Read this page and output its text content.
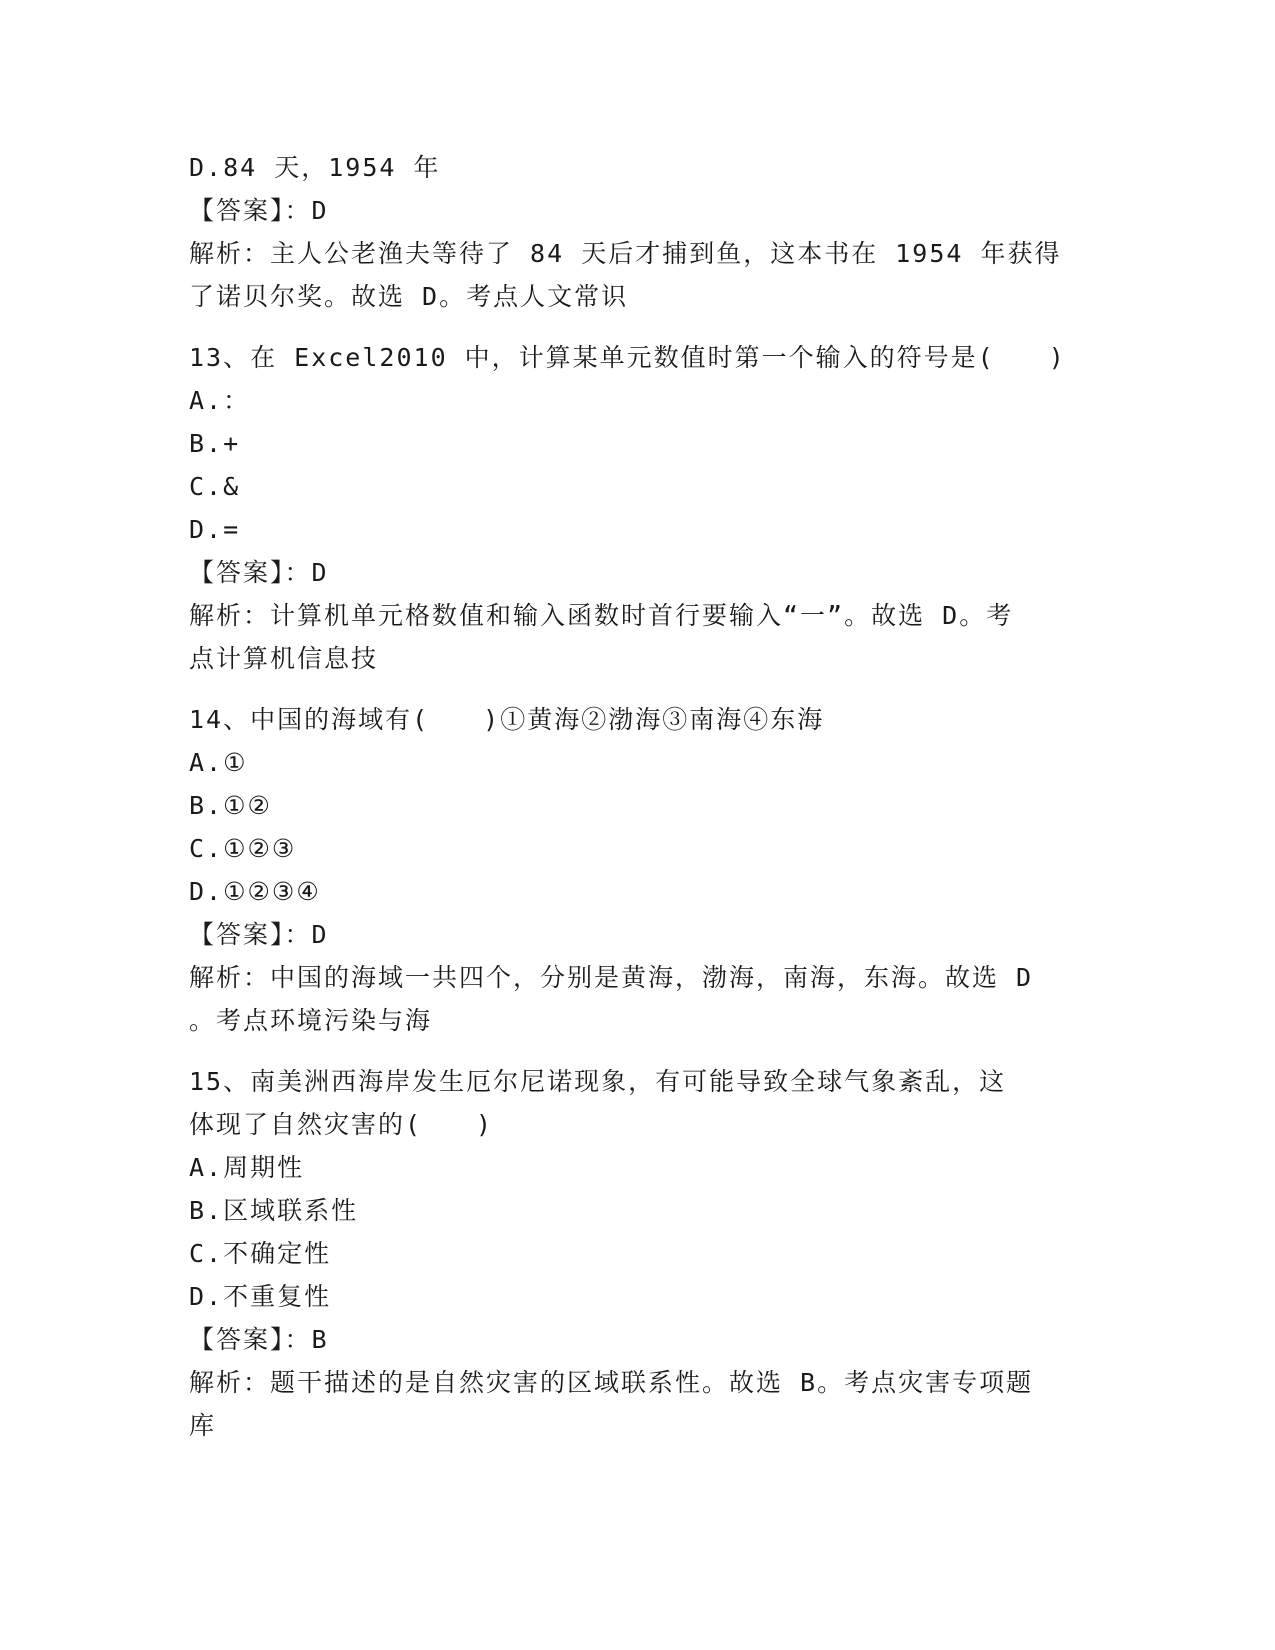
D.84 天，1954 年
【答案】：D
解析：主人公老渔夫等待了 84 天后才捕到鱼，这本书在 1954 年获得
了诺贝尔奖。故选 D。考点人文常识
13、在 Excel2010 中，计算某单元数值时第一个输入的符号是(　　)
A.：
B.+
C.&
D.=
【答案】：D
解析：计算机单元格数值和输入函数时首行要输入“一”。故选 D。考
点计算机信息技
14、中国的海域有(　　)①黄海②渤海③南海④东海
A.①
B.①②
C.①②③
D.①②③④
【答案】：D
解析：中国的海域一共四个，分别是黄海，渤海，南海，东海。故选 D
。考点环境污染与海
15、南美洲西海岸发生厄尔尼诺现象，有可能导致全球气象紊乱，这
体现了自然灾害的(　　)
A.周期性
B.区域联系性
C.不确定性
D.不重复性
【答案】：B
解析：题干描述的是自然灾害的区域联系性。故选 B。考点灾害专项题
库
